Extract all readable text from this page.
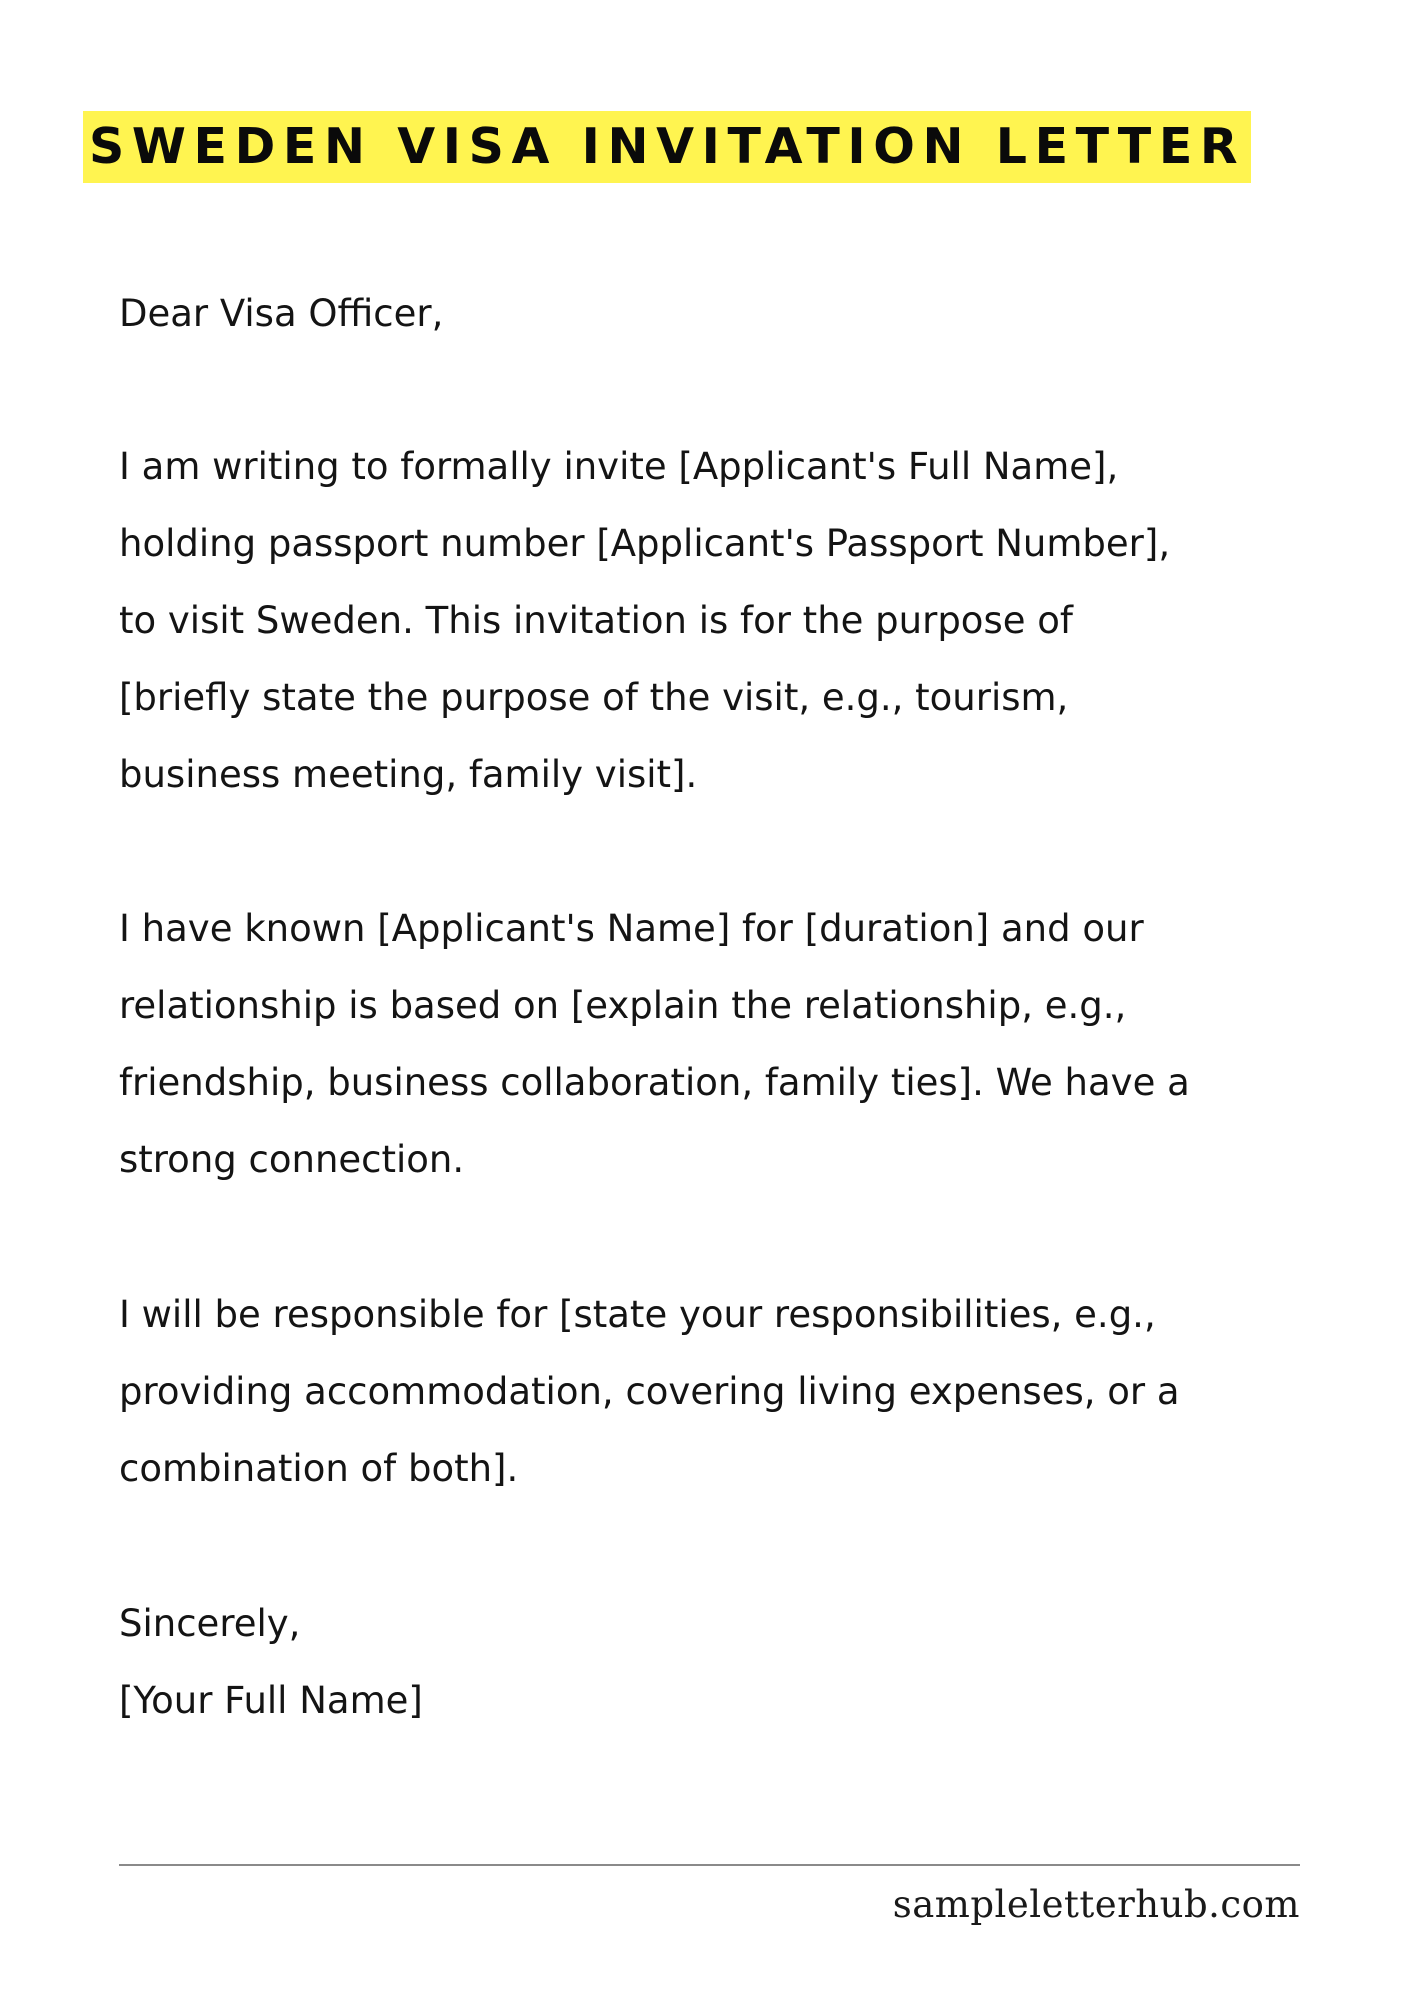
SWEDEN VISA INVITATION LETTER

Dear Visa Officer,

I am writing to formally invite [Applicant's Full Name],
holding passport number [Applicant's Passport Number],
to visit Sweden. This invitation is for the purpose of
[briefly state the purpose of the visit, e.g., tourism,
business meeting, family visit].

I have known [Applicant's Name] for [duration] and our
relationship is based on [explain the relationship, e.g.,
friendship, business collaboration, family ties]. We have a
strong connection.

I will be responsible for [state your responsibilities, e.g.,
providing accommodation, covering living expenses, or a
combination of both].

Sincerely,

[Your Full Name]

sampleletterhub.com
